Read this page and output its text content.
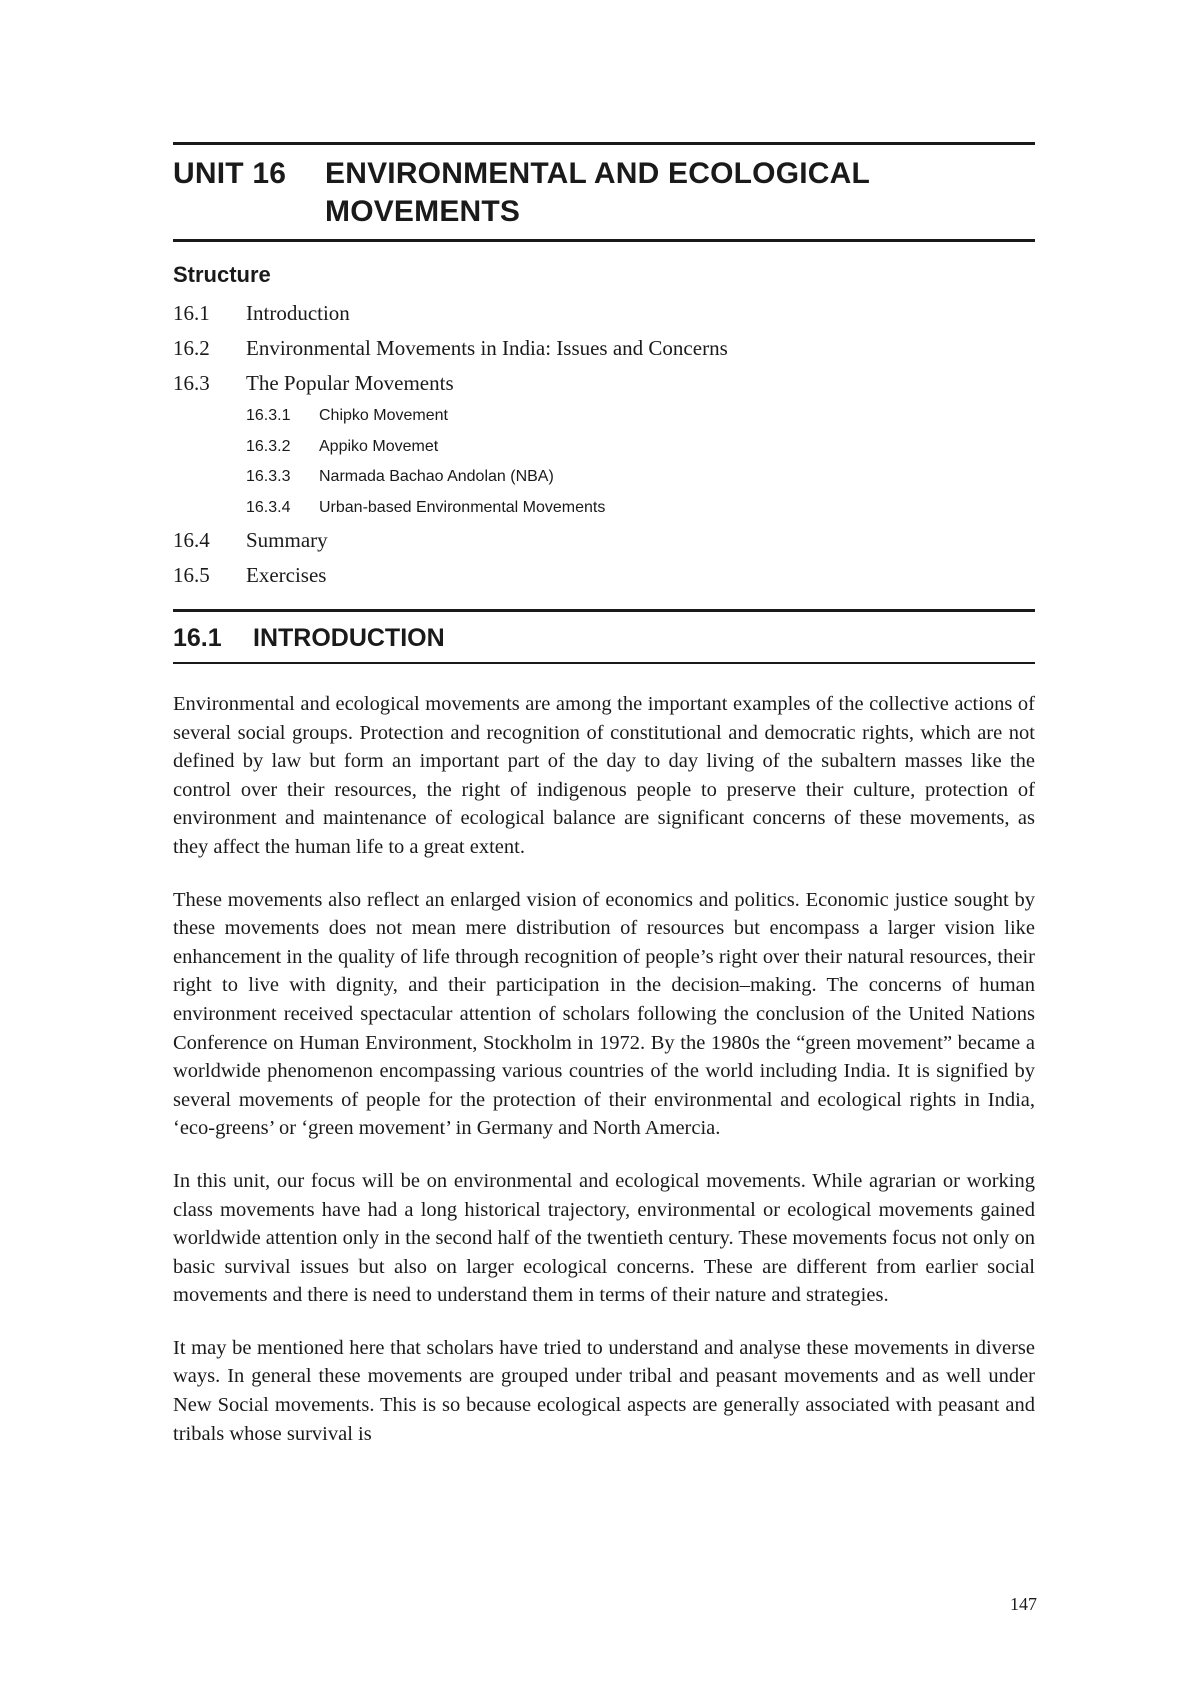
UNIT 16	ENVIRONMENTAL AND ECOLOGICAL
MOVEMENTS
Structure
16.1	Introduction
16.2	Environmental Movements in India: Issues and Concerns
16.3	The Popular Movements
16.3.1	Chipko Movement
16.3.2	Appiko Movemet
16.3.3	Narmada Bachao Andolan (NBA)
16.3.4	Urban-based Environmental Movements
16.4	Summary
16.5	Exercises
16.1	INTRODUCTION

Environmental and ecological movements are among the important examples of the collective actions of several social groups. Protection and recognition of constitutional and democratic rights, which are not defined by law but form an important part of the day to day living of the subaltern masses like the control over their resources, the right of indigenous people to preserve their culture, protection of environment and maintenance of ecological balance are significant concerns of these movements, as they affect the human life to a great extent.

These movements also reflect an enlarged vision of economics and politics. Economic justice sought by these movements does not mean mere distribution of resources but encompass a larger vision like enhancement in the quality of life through recognition of people’s right over their natural resources, their right to live with dignity, and their participation in the decision–making. The concerns of human environment received spectacular attention of scholars following the conclusion of the United Nations Conference on Human Environment, Stockholm in 1972. By the 1980s the “green movement” became a worldwide phenomenon encompassing various countries of the world including India. It is signified by several movements of people for the protection of their environmental and ecological rights in India, ‘eco-greens’ or ‘green movement’ in Germany and North Amercia.

In this unit, our focus will be on environmental and ecological movements. While agrarian or working class movements have had a long historical trajectory, environmental or ecological movements gained worldwide attention only in the second half of the twentieth century. These movements focus not only on basic survival issues but also on larger ecological concerns. These are different from earlier social movements and there is need to understand them in terms of their nature and strategies.

It may be mentioned here that scholars have tried to understand and analyse these movements in diverse ways. In general these movements are grouped under tribal and peasant movements and as well under New Social movements. This is so because ecological aspects are generally associated with peasant and tribals whose survival is

147
